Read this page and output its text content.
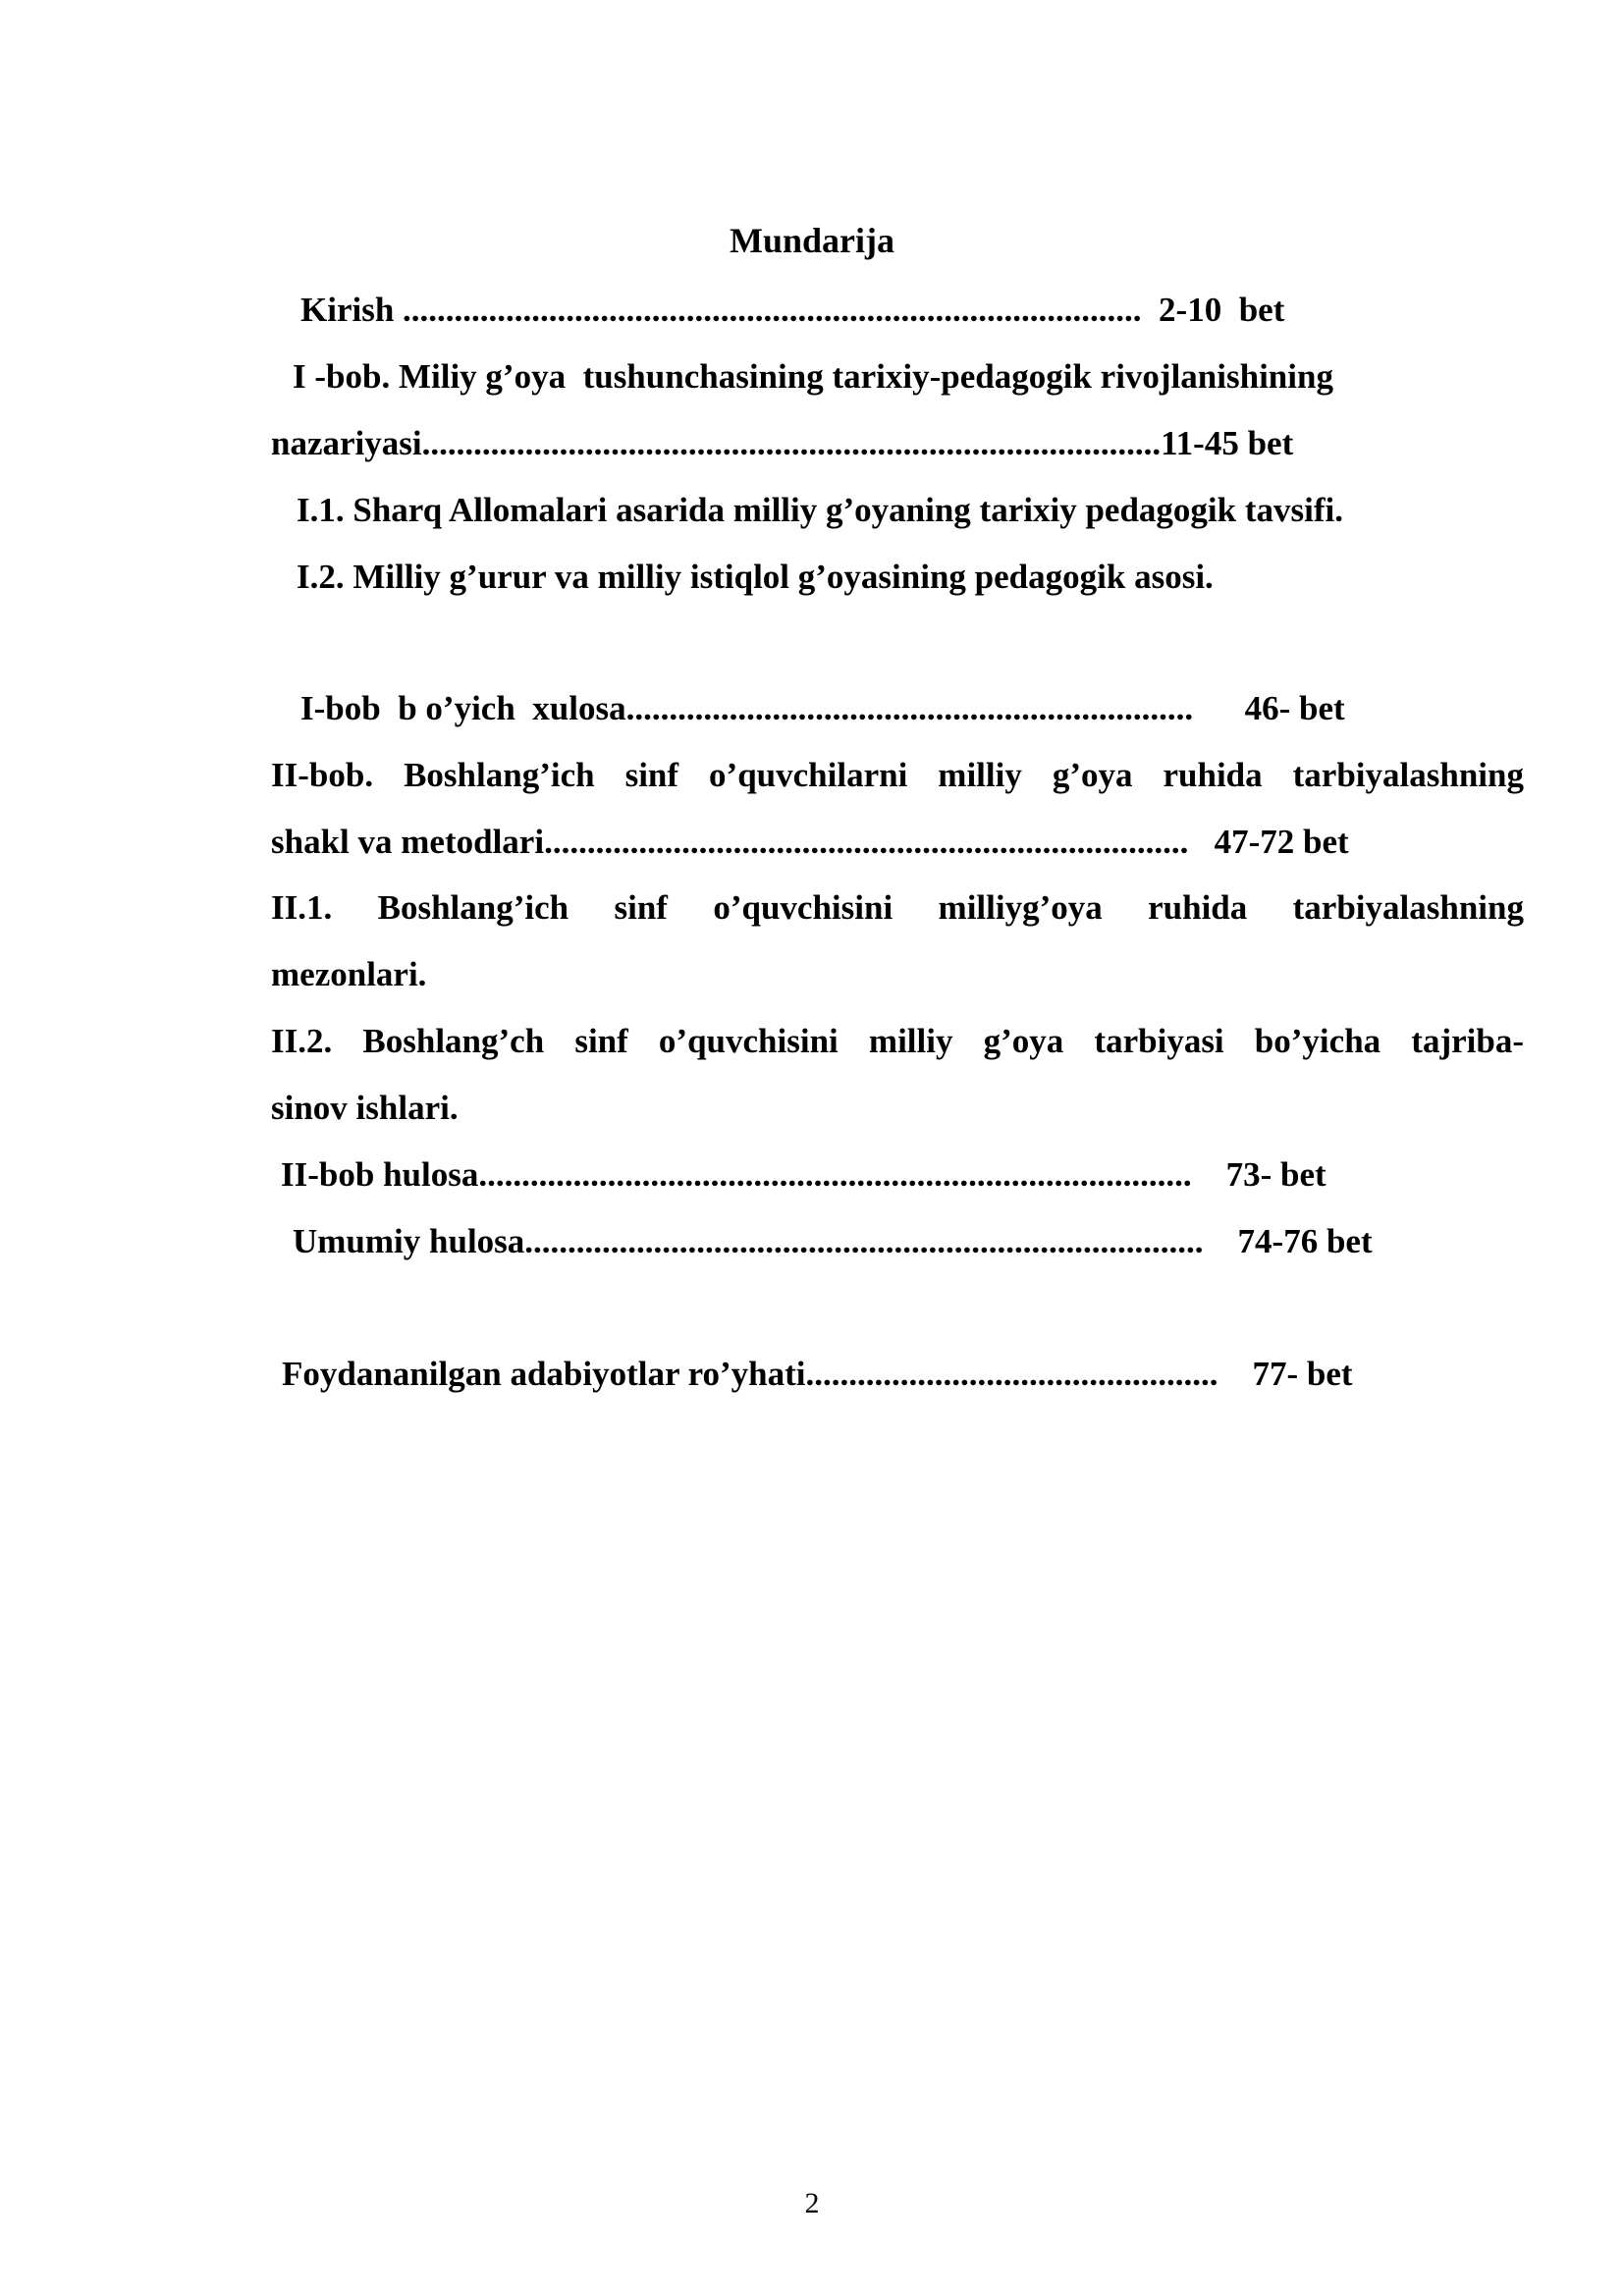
Mundarija
Kirish ......................................................................................  2-10  bet
I -bob. Miliy g’oya  tushunchasining tarixiy-pedagogik rivojlanishining
nazariyasi......................................................................................11-45 bet
I.1. Sharq Allomalari asarida milliy g’oyaning tarixiy pedagogik tavsifi.
I.2. Milliy g’urur va milliy istiqlol g’oyasining pedagogik asosi.
I-bob  b o’yich  xulosa..................................................................      46- bet
II-bob. Boshlang’ich sinf o’quvchilarni milliy g’oya ruhida tarbiyalashning
shakl va metodlari...........................................................................   47-72 bet
II.1. Boshlang’ich sinf o’quvchisini milliyg’oya ruhida tarbiyalashning
mezonlari.
II.2. Boshlang’ch sinf o’quvchisini milliy g’oya tarbiyasi bo’yicha tajriba-
sinov ishlari.
II-bob hulosa...................................................................................    73- bet
Umumiy hulosa...............................................................................    74-76 bet
Foydananilgan adabiyotlar ro’yhati................................................    77- bet
2
